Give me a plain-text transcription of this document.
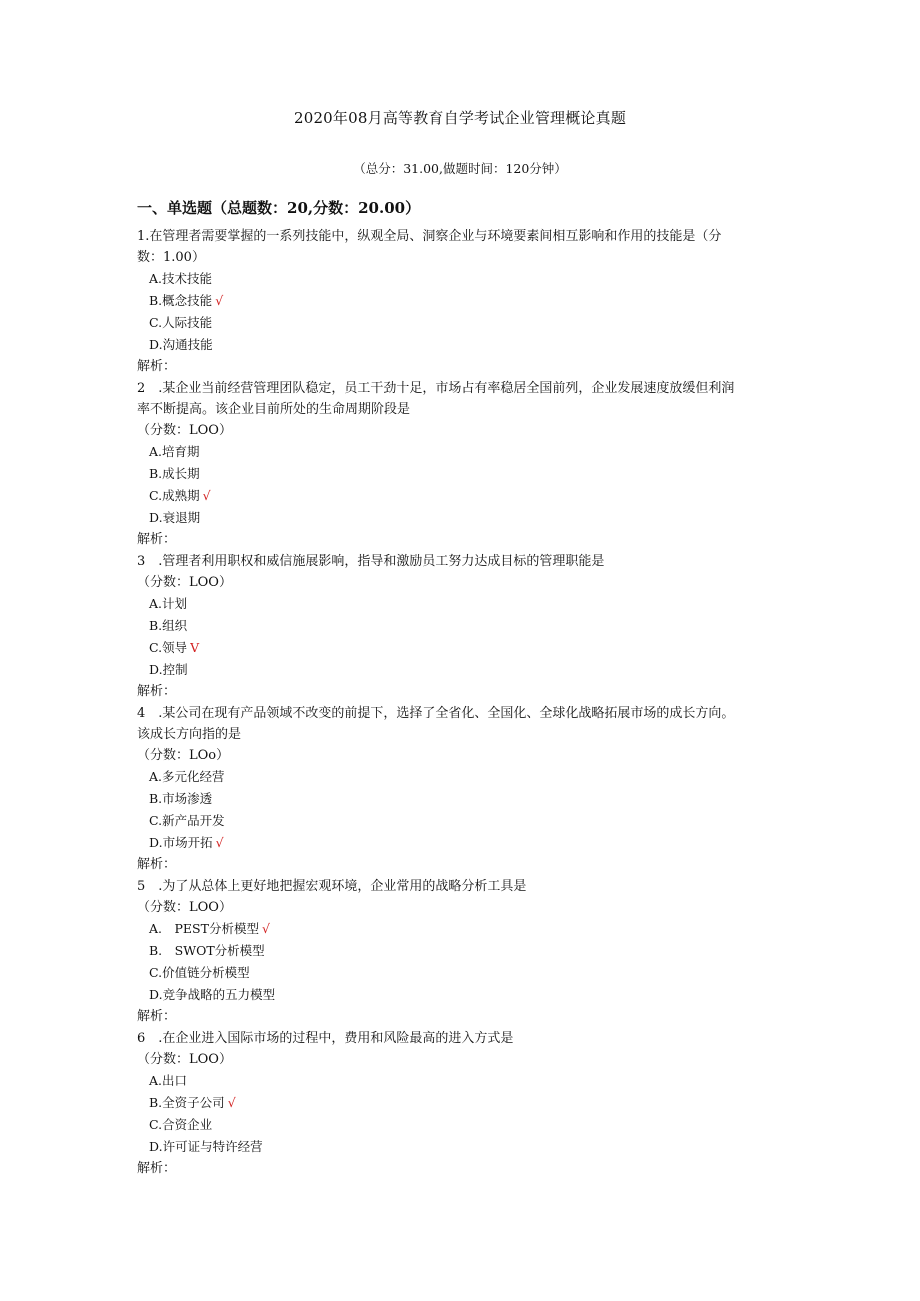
2020年08月高等教育自学考试企业管理概论真题
（总分：31.00,做题时间：120分钟）
一、单选题（总题数：20,分数：20.00）
1.在管理者需要掌握的一系列技能中，纵观全局、洞察企业与环境要素间相互影响和作用的技能是（分
数：1.00）
A.技术技能
B.概念技能 √
C.人际技能
D.沟通技能
解析：
2　.某企业当前经营管理团队稳定，员工干劲十足，市场占有率稳居全国前列，企业发展速度放缓但利润
率不断提高。该企业目前所处的生命周期阶段是
（分数：LOO）
A.培育期
B.成长期
C.成熟期 √
D.衰退期
解析：
3　.管理者利用职权和威信施展影响，指导和激励员工努力达成目标的管理职能是
（分数：LOO）
A.计划
B.组织
C.领导 V
D.控制
解析：
4　.某公司在现有产品领域不改变的前提下，选择了全省化、全国化、全球化战略拓展市场的成长方向。
该成长方向指的是
（分数：LOo）
A.多元化经营
B.市场渗透
C.新产品开发
D.市场开拓 √
解析：
5　.为了从总体上更好地把握宏观环境，企业常用的战略分析工具是
（分数：LOO）
A.　PEST分析模型 √
B.　SWOT分析模型
C.价值链分析模型
D.竞争战略的五力模型
解析：
6　.在企业进入国际市场的过程中，费用和风险最高的进入方式是
（分数：LOO）
A.出口
B.全资子公司 √
C.合资企业
D.许可证与特许经营
解析：
